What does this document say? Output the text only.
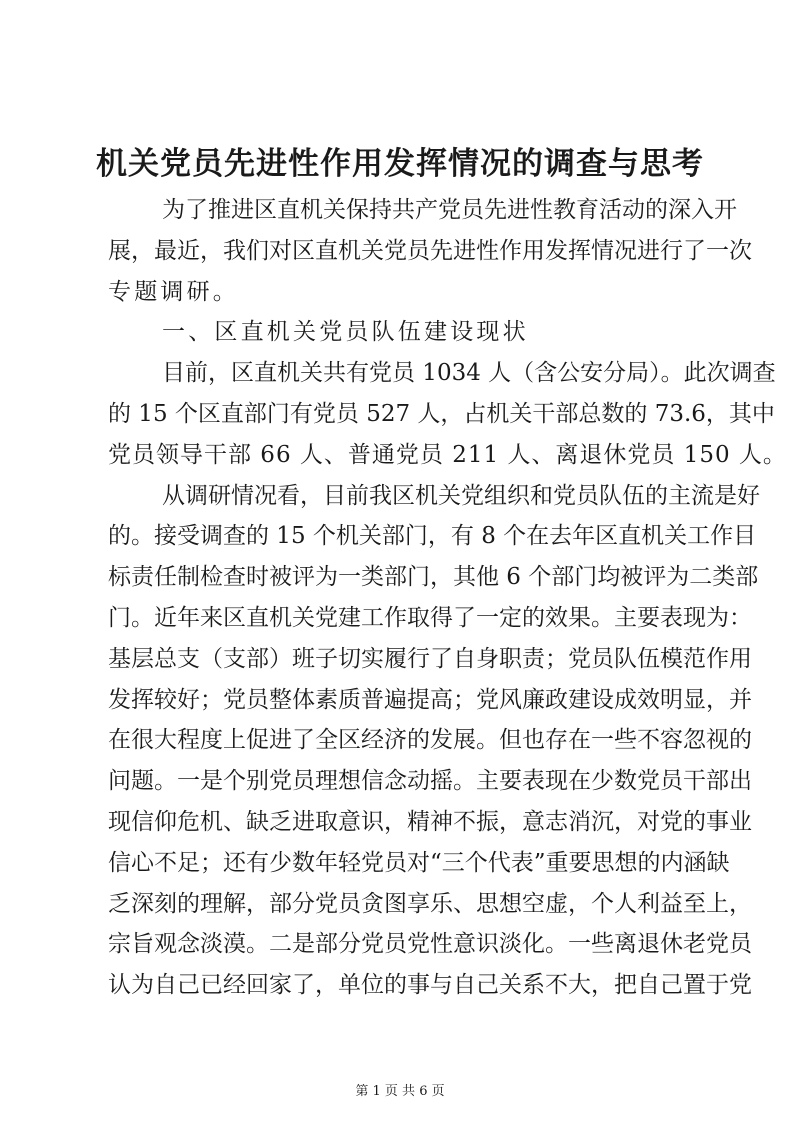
机关党员先进性作用发挥情况的调查与思考
为了推进区直机关保持共产党员先进性教育活动的深入开
展，最近，我们对区直机关党员先进性作用发挥情况进行了一次
专题调研。
一、区直机关党员队伍建设现状
目前，区直机关共有党员 1034 人（含公安分局）。此次调查
的 15 个区直部门有党员 527 人，占机关干部总数的 73.6，其中
党员领导干部 66 人、普通党员 211 人、离退休党员 150 人。
从调研情况看，目前我区机关党组织和党员队伍的主流是好
的。接受调查的 15 个机关部门，有 8 个在去年区直机关工作目
标责任制检查时被评为一类部门，其他 6 个部门均被评为二类部
门。近年来区直机关党建工作取得了一定的效果。主要表现为：
基层总支（支部）班子切实履行了自身职责；党员队伍模范作用
发挥较好；党员整体素质普遍提高；党风廉政建设成效明显，并
在很大程度上促进了全区经济的发展。但也存在一些不容忽视的
问题。一是个别党员理想信念动摇。主要表现在少数党员干部出
现信仰危机、缺乏进取意识，精神不振，意志消沉，对党的事业
信心不足；还有少数年轻党员对“三个代表”重要思想的内涵缺
乏深刻的理解，部分党员贪图享乐、思想空虚，个人利益至上，
宗旨观念淡漠。二是部分党员党性意识淡化。一些离退休老党员
认为自己已经回家了，单位的事与自己关系不大，把自己置于党
第 1 页 共 6 页
